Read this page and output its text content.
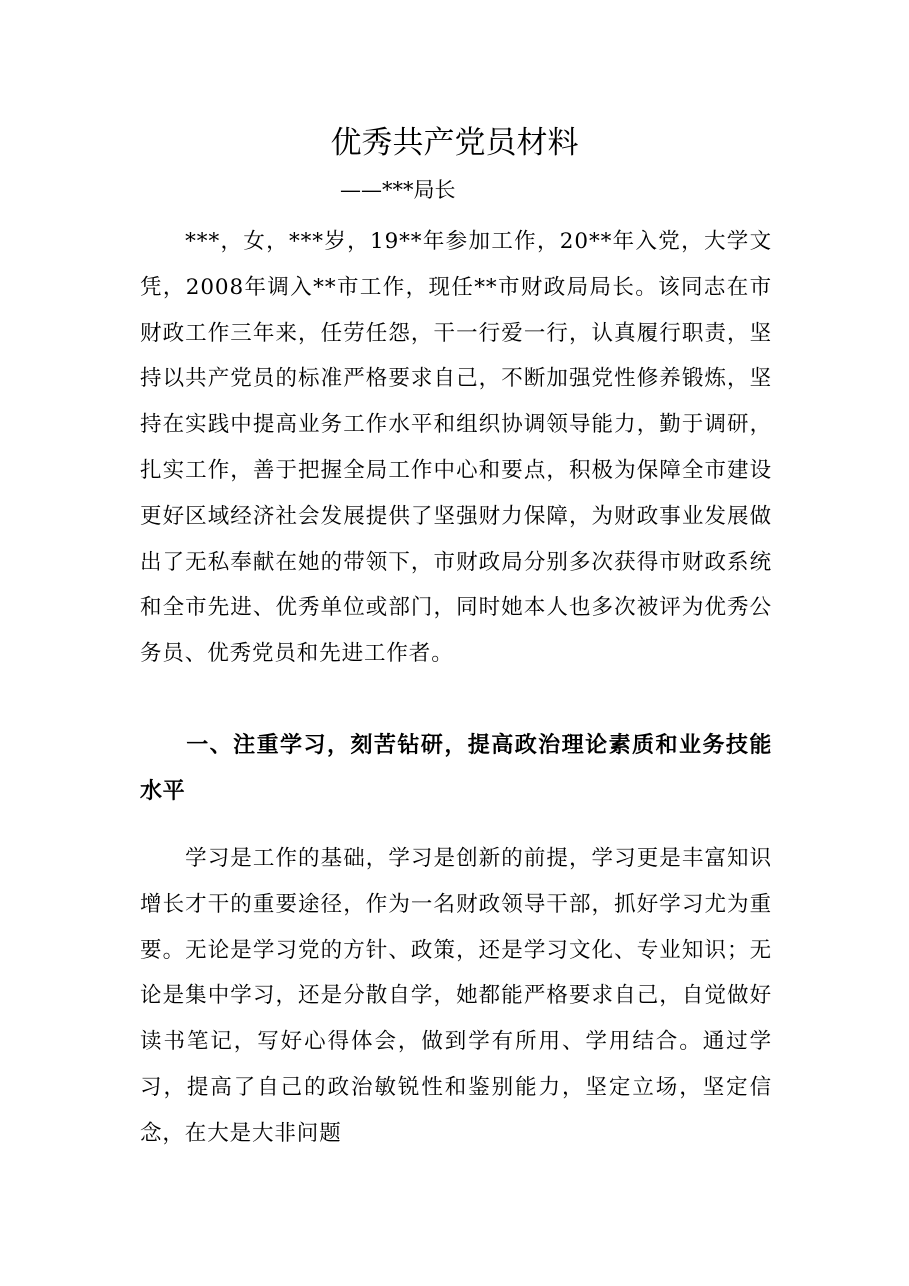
优秀共产党员材料

——***局长

***，女，***岁，19**年参加工作，20**年入党，大学文凭，2008年调入**市工作，现任**市财政局局长。该同志在市财政工作三年来，任劳任怨，干一行爱一行，认真履行职责，坚持以共产党员的标准严格要求自己，不断加强党性修养锻炼，坚持在实践中提高业务工作水平和组织协调领导能力，勤于调研，扎实工作，善于把握全局工作中心和要点，积极为保障全市建设更好区域经济社会发展提供了坚强财力保障，为财政事业发展做出了无私奉献在她的带领下，市财政局分别多次获得市财政系统和全市先进、优秀单位或部门，同时她本人也多次被评为优秀公务员、优秀党员和先进工作者。

一、注重学习，刻苦钻研，提高政治理论素质和业务技能水平

学习是工作的基础，学习是创新的前提，学习更是丰富知识增长才干的重要途径，作为一名财政领导干部，抓好学习尤为重要。无论是学习党的方针、政策，还是学习文化、专业知识；无论是集中学习，还是分散自学，她都能严格要求自己，自觉做好读书笔记，写好心得体会，做到学有所用、学用结合。通过学习，提高了自己的政治敏锐性和鉴别能力，坚定立场，坚定信念，在大是大非问题
